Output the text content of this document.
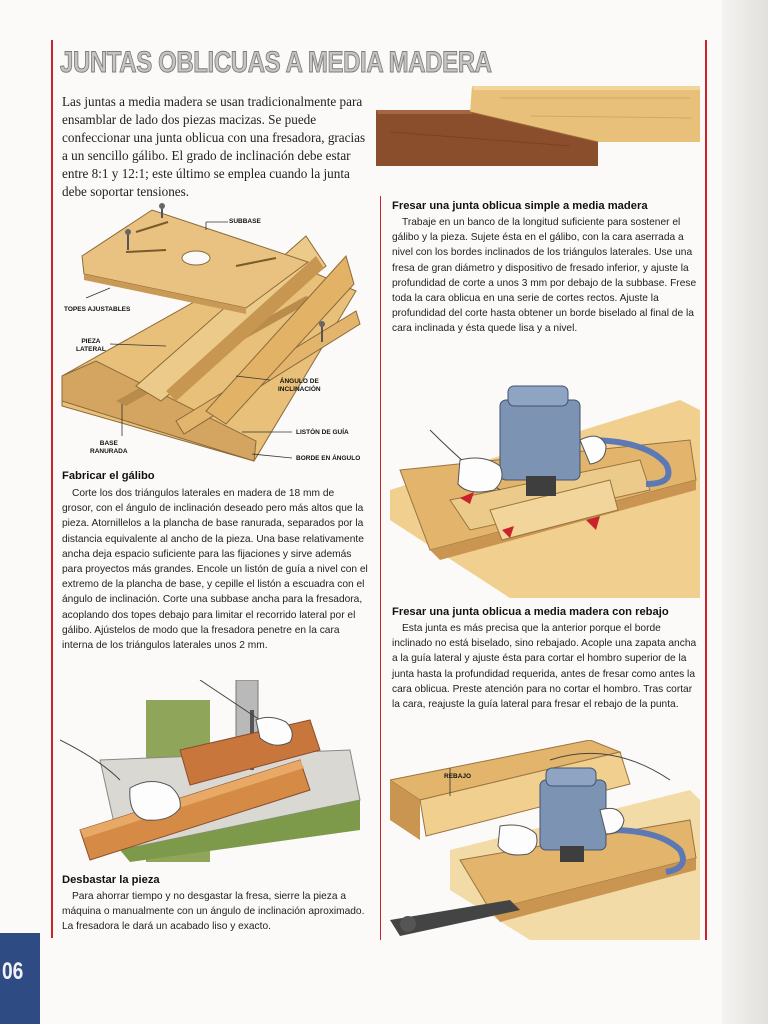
JUNTAS OBLICUAS A MEDIA MADERA
Las juntas a media madera se usan tradicionalmente para ensamblar de lado dos piezas macizas. Se puede confeccionar una junta oblicua con una fresadora, gracias a un sencillo gálibo. El grado de inclinación debe estar entre 8:1 y 12:1; este último se emplea cuando la junta debe soportar tensiones.
SUBBASE
TOPES AJUSTABLES
PIEZA
LATERAL
ÁNGULO DE
INCLINACIÓN
LISTÓN DE GUÍA
BASE
RANURADA
BORDE EN ÁNGULO
Fabricar el gálibo
Corte los dos triángulos laterales en madera de 18 mm de grosor, con el ángulo de inclinación deseado pero más altos que la pieza. Atornillelos a la plancha de base ranurada, separados por la distancia equivalente al ancho de la pieza. Una base relativamente ancha deja espacio suficiente para las fijaciones y sirve además para proyectos más grandes. Encole un listón de guía a nivel con el extremo de la plancha de base, y cepille el listón a escuadra con el ángulo de inclinación. Corte una subbase ancha para la fresadora, acoplando dos topes debajo para limitar el recorrido lateral por el gálibo. Ajústelos de modo que la fresadora penetre en la cara interna de los triángulos laterales unos 2 mm.
Desbastar la pieza
Para ahorrar tiempo y no desgastar la fresa, sierre la pieza a máquina o manualmente con un ángulo de inclinación aproximado. La fresadora le dará un acabado liso y exacto.
Fresar una junta oblicua simple a media madera
Trabaje en un banco de la longitud suficiente para sostener el gálibo y la pieza. Sujete ésta en el gálibo, con la cara aserrada a nivel con los bordes inclinados de los triángulos laterales. Use una fresa de gran diámetro y dispositivo de fresado inferior, y ajuste la profundidad de corte a unos 3 mm por debajo de la subbase. Frese toda la cara oblicua en una serie de cortes rectos. Ajuste la profundidad del corte hasta obtener un borde biselado al final de la cara inclinada y ésta quede lisa y a nivel.
Fresar una junta oblicua a media madera con rebajo
Esta junta es más precisa que la anterior porque el borde inclinado no está biselado, sino rebajado. Acople una zapata ancha a la guía lateral y ajuste ésta para cortar el hombro superior de la junta hasta la profundidad requerida, antes de fresar como antes la cara oblicua. Preste atención para no cortar el hombro. Tras cortar la cara, reajuste la guía lateral para fresar el rebajo de la punta.
REBAJO
06
